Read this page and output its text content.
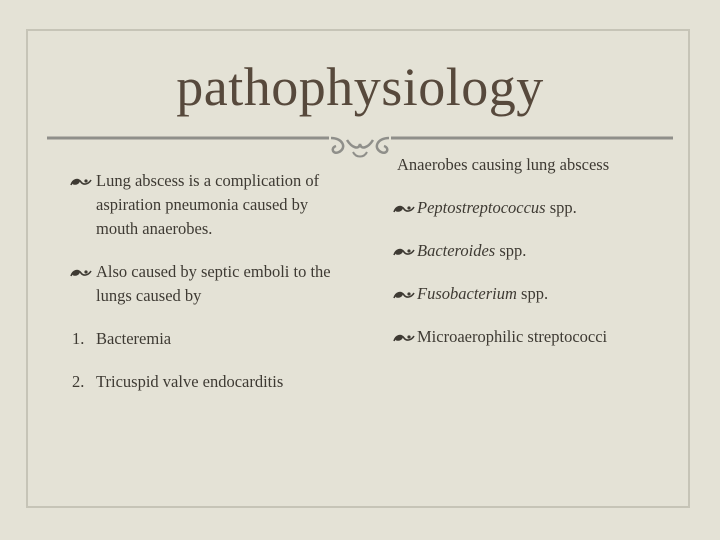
pathophysiology
Lung abscess is a complication of aspiration pneumonia caused by mouth anaerobes.
Also caused by septic emboli to the lungs caused by
1. Bacteremia
2. Tricuspid valve endocarditis
Anaerobes causing lung abscess
Peptostreptococcus spp.
Bacteroides spp.
Fusobacterium spp.
Microaerophilic streptococci
